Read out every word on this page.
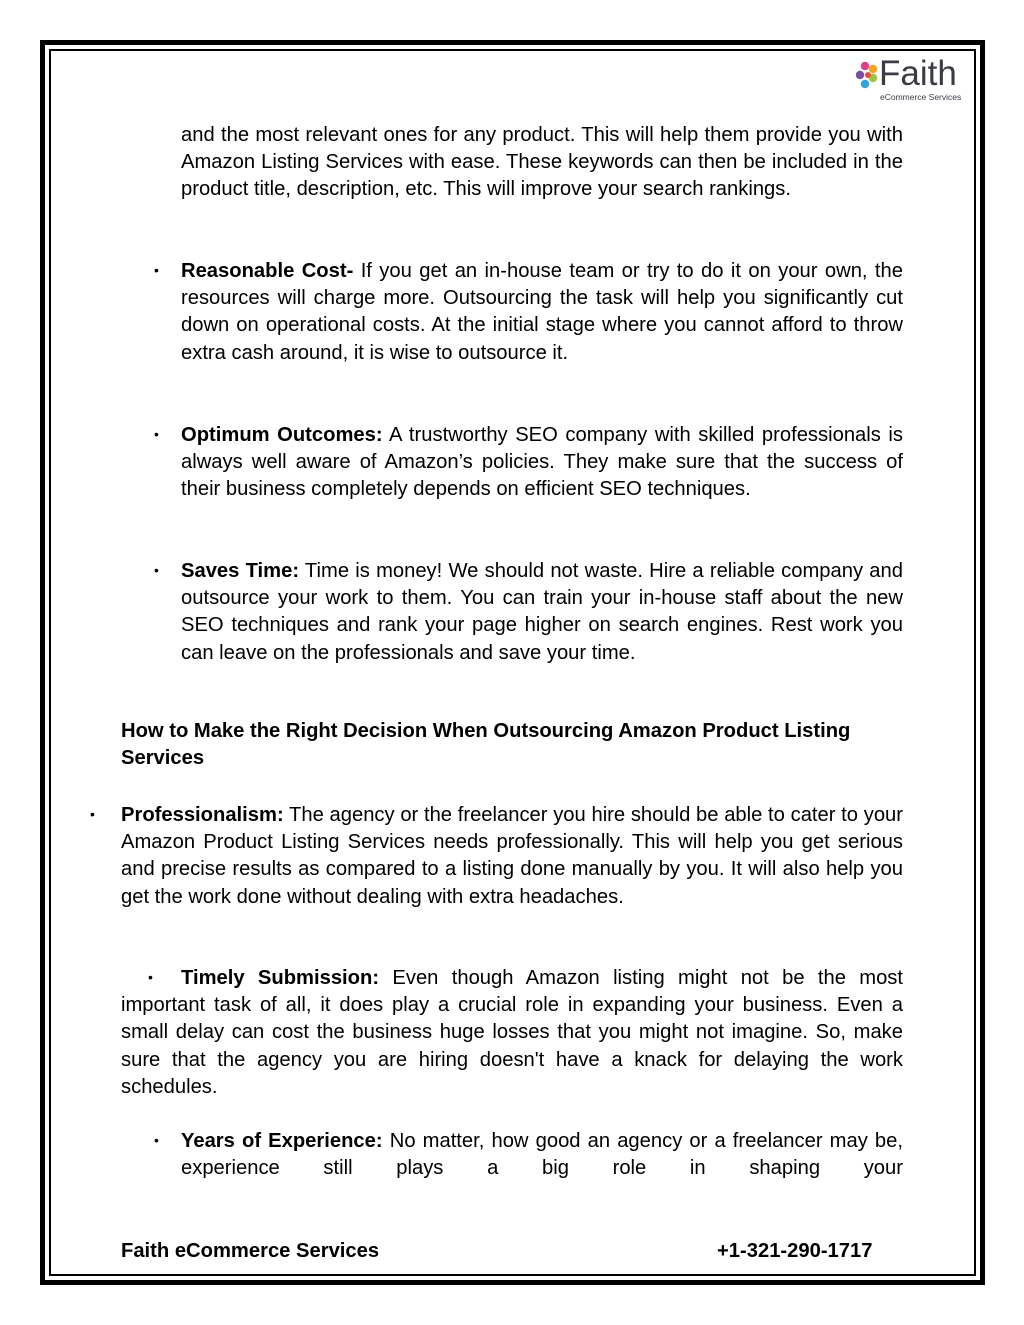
Faith
eCommerce Services
and the most relevant ones for any product. This will help them provide you with Amazon Listing Services with ease. These keywords can then be included in the product title, description, etc. This will improve your search rankings.
• Reasonable Cost- If you get an in-house team or try to do it on your own, the resources will charge more. Outsourcing the task will help you significantly cut down on operational costs. At the initial stage where you cannot afford to throw extra cash around, it is wise to outsource it.
• Optimum Outcomes: A trustworthy SEO company with skilled professionals is always well aware of Amazon’s policies. They make sure that the success of their business completely depends on efficient SEO techniques.
• Saves Time: Time is money! We should not waste. Hire a reliable company and outsource your work to them. You can train your in-house staff about the new SEO techniques and rank your page higher on search engines. Rest work you can leave on the professionals and save your time.
How to Make the Right Decision When Outsourcing Amazon Product Listing Services
• Professionalism: The agency or the freelancer you hire should be able to cater to your Amazon Product Listing Services needs professionally. This will help you get serious and precise results as compared to a listing done manually by you. It will also help you get the work done without dealing with extra headaches.
•	Timely Submission: Even though Amazon listing might not be the most important task of all, it does play a crucial role in expanding your business. Even a small delay can cost the business huge losses that you might not imagine. So, make sure that the agency you are hiring doesn't have a knack for delaying the work schedules.
• Years of Experience: No matter, how good an agency or a freelancer may be, experience still plays a big role in shaping your
Faith eCommerce Services	+1-321-290-1717
